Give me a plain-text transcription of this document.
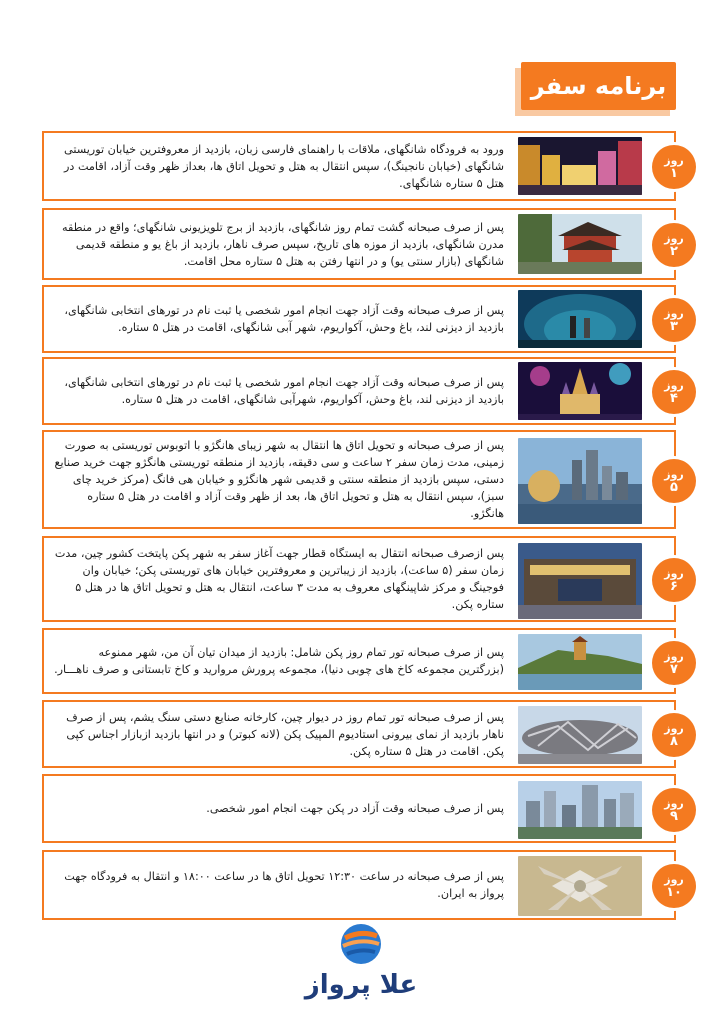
برنامه سفر
روز
۱
ورود به فرودگاه شانگهای، ملاقات با راهنمای فارسی زبان، بازدید از معروفترین خیابان توریستی شانگهای (خیابان نانجینگ)، سپس انتقال به هتل و تحویل اتاق ها، بعداز ظهر وقت آزاد، اقامت در هتل ۵ ستاره شانگهای.
روز
۲
پس از صرف صبحانه گشت تمام روز شانگهای، بازدید از برج تلویزیونی شانگهای؛ واقع در منطقه مدرن شانگهای، بازدید از موزه های تاریخ، سپس صرف ناهار، بازدید از باغ یو و منطقه قدیمی شانگهای (بازار سنتی یو) و در انتها رفتن به هتل ۵ ستاره محل اقامت.
روز
۳
پس از صرف صبحانه وقت آزاد جهت انجام امور شخصی یا ثبت نام در تورهای انتخابی شانگهای، بازدید از دیزنی لند، باغ وحش، آکواریوم، شهر آبی شانگهای، اقامت در هتل ۵ ستاره.
روز
۴
پس از صرف صبحانه وقت آزاد جهت انجام امور شخصی یا ثبت نام در تورهای انتخابی شانگهای، بازدید از دیزنی لند، باغ وحش، آکواریوم، شهرآبی شانگهای، اقامت در هتل ۵ ستاره.
روز
۵
پس از صرف صبحانه و تحویل اتاق ها انتقال به شهر زیبای هانگژو با اتوبوس توریستی به صورت زمینی، مدت زمان سفر ۲ ساعت و سی دقیقه، بازدید از منطقه توریستی هانگژو جهت خرید صنایع دستی، سپس بازدید از منطقه سنتی و قدیمی شهر هانگژو و خیابان هی فانگ (مرکز خرید چای سبز)، سپس انتقال به هتل و تحویل اتاق ها، بعد از ظهر وقت آزاد و اقامت در هتل ۵ ستاره هانگژو.
روز
۶
پس ازصرف صبحانه انتقال به ایستگاه قطار جهت آغاز سفر به شهر پکن پایتخت کشور چین، مدت زمان سفر (۵ ساعت)، بازدید از زیباترین و معروفترین خیابان های توریستی پکن؛ خیابان وان فوجینگ و مرکز شاپینگهای معروف به مدت ۳ ساعت، انتقال به هتل و تحویل اتاق ها در هتل ۵ ستاره پکن.
روز
۷
پس از صرف صبحانه تور تمام روز پکن شامل: بازدید از میدان تیان آن من، شهر ممنوعه (بزرگترین مجموعه کاخ های چوبی دنیا)، مجموعه پرورش مروارید و کاخ تابستانی و صرف ناهـــار.
روز
۸
پس از صرف صبحانه تور تمام روز در دیوار چین، کارخانه صنایع دستی سنگ یشم، پس از صرف ناهار بازدید از نمای بیرونی استادیوم المپیک پکن (لانه کبوتر) و در انتها بازدید ازبازار اجناس کپی پکن. اقامت در هتل ۵ ستاره پکن.
روز
۹
پس از صرف صبحانه وقت آزاد در پکن جهت انجام امور شخصی.
روز
۱۰
پس از صرف صبحانه در ساعت ۱۲:۳۰ تحویل اتاق ها در ساعت ۱۸:۰۰ و انتقال به فرودگاه جهت پرواز به ایران.
علا پرواز
